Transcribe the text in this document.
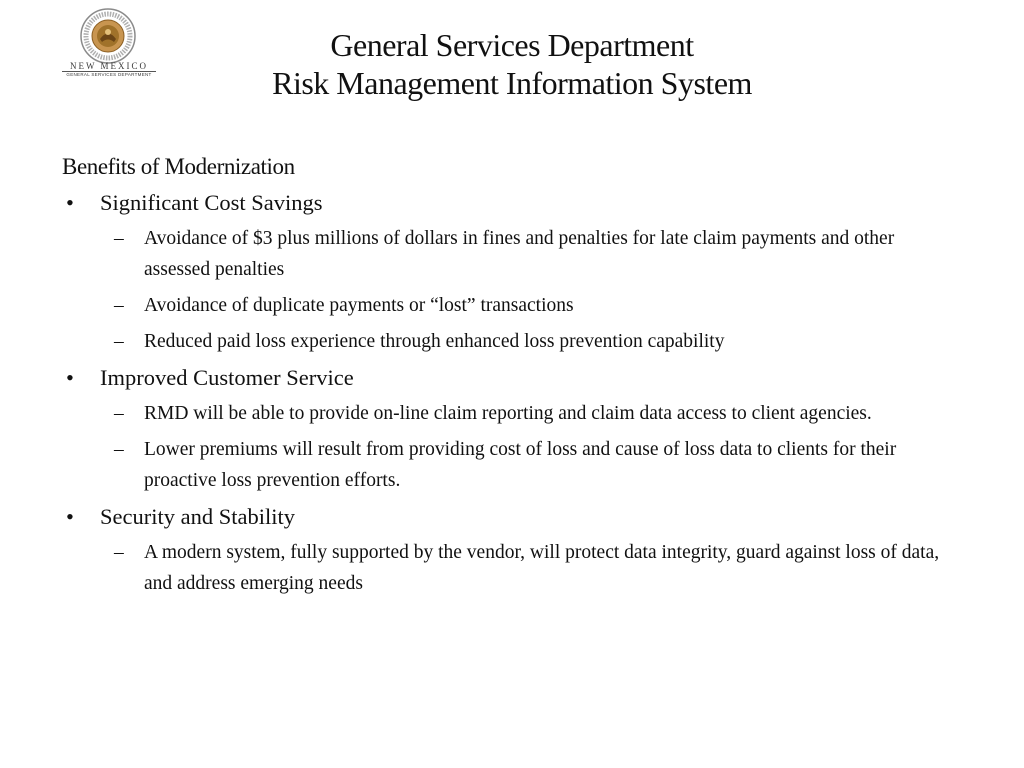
NEW MEXICO
GENERAL SERVICES DEPARTMENT
General Services Department
Risk Management Information System
Benefits of Modernization
• Significant Cost Savings
– Avoidance of $3 plus millions of dollars in fines and penalties for late claim payments and other assessed penalties
– Avoidance of duplicate payments or “lost” transactions
– Reduced paid loss experience through enhanced loss prevention capability
• Improved Customer Service
– RMD will be able to provide on-line claim reporting and claim data access to client agencies.
– Lower premiums will result from providing cost of loss and cause of loss data to clients for their proactive loss prevention efforts.
• Security and Stability
– A modern system, fully supported by the vendor, will protect data integrity, guard against loss of data, and address emerging needs
